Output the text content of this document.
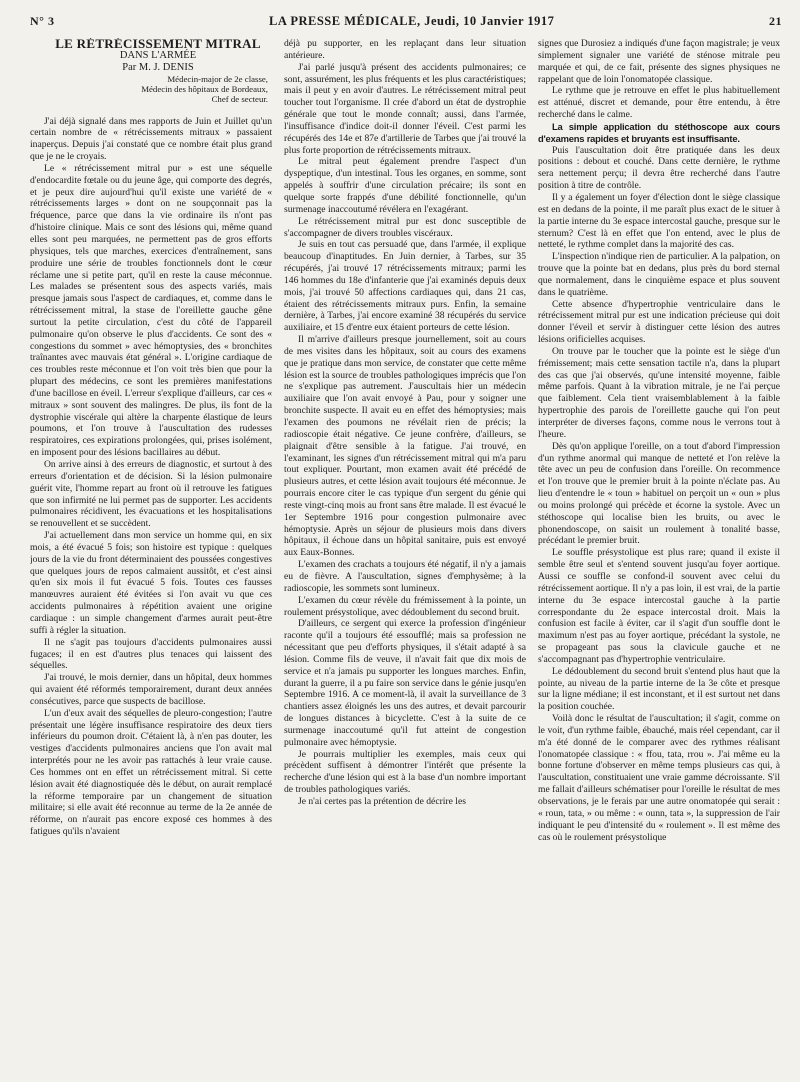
N° 3	LA PRESSE MÉDICALE, Jeudi, 10 Janvier 1917	21

LE RÉTRÉCISSEMENT MITRAL

DANS L'ARMÉE

Par M. J. DENIS

Médecin-major de 2e classe,
Médecin des hôpitaux de Bordeaux,
Chef de secteur.

J'ai déjà signalé dans mes rapports de Juin et Juillet qu'un certain nombre de « rétrécissements mitraux » passaient inaperçus. Depuis j'ai constaté que ce nombre était plus grand que je ne le croyais.

Le « rétrécissement mitral pur » est une séquelle d'endocardite fœtale ou du jeune âge, qui comporte des degrés, et je peux dire aujourd'hui qu'il existe une variété de « rétrécissements larges » dont on ne soupçonnait pas la fréquence, parce que dans la vie ordinaire ils n'ont pas d'histoire clinique. Mais ce sont des lésions qui, même quand elles sont peu marquées, ne permettent pas de gros efforts physiques, tels que marches, exercices d'entraînement, sans produire une série de troubles fonctionnels dont le cœur réclame une si petite part, qu'il en reste la cause méconnue. Les malades se présentent sous des aspects variés, mais presque jamais sous l'aspect de cardiaques, et, comme dans le rétrécissement mitral, la stase de l'oreillette gauche gêne surtout la petite circulation, c'est du côté de l'appareil pulmonaire qu'on observe le plus d'accidents. Ce sont des « congestions du sommet » avec hémoptysies, des « bronchites traînantes avec mauvais état général ». L'origine cardiaque de ces troubles reste méconnue et l'on voit très bien que pour la plupart des médecins, ce sont les premières manifestations d'une bacillose en éveil. L'erreur s'explique d'ailleurs, car ces « mitraux » sont souvent des malingres. De plus, ils font de la dystrophie viscérale qui altère la charpente élastique de leurs poumons, et l'on trouve à l'auscultation des rudesses respiratoires, ces expirations prolongées, qui, prises isolément, en imposent pour des lésions bacillaires au début.

On arrive ainsi à des erreurs de diagnostic, et surtout à des erreurs d'orientation et de décision. Si la lésion pulmonaire guérit vite, l'homme repart au front où il retrouve les fatigues que son infirmité ne lui permet pas de supporter. Les accidents pulmonaires récidivent, les évacuations et les hospitalisations se renouvellent et se succèdent.

J'ai actuellement dans mon service un homme qui, en six mois, a été évacué 5 fois; son histoire est typique : quelques jours de la vie du front déterminaient des poussées congestives que quelques jours de repos calmaient aussitôt, et c'est ainsi qu'en six mois il fut évacué 5 fois. Toutes ces fausses manœuvres auraient été évitées si l'on avait vu que ces accidents pulmonaires à répétition avaient une origine cardiaque : un simple changement d'armes aurait peut-être suffi à régler la situation.

Il ne s'agit pas toujours d'accidents pulmonaires aussi fugaces; il en est d'autres plus tenaces qui laissent des séquelles.

J'ai trouvé, le mois dernier, dans un hôpital, deux hommes qui avaient été réformés temporairement, durant deux années consécutives, parce que suspects de bacillose.

L'un d'eux avait des séquelles de pleuro-congestion; l'autre présentait une légère insuffisance respiratoire des deux tiers inférieurs du poumon droit. C'étaient là, à n'en pas douter, les vestiges d'accidents pulmonaires anciens que l'on avait mal interprétés pour ne les avoir pas rattachés à leur vraie cause. Ces hommes ont en effet un rétrécissement mitral. Si cette lésion avait été diagnostiquée dès le début, on aurait remplacé la réforme temporaire par un changement de situation militaire; si elle avait été reconnue au terme de la 2e année de réforme, on n'aurait pas encore exposé ces hommes à des fatigues qu'ils n'avaient

déjà pu supporter, en les replaçant dans leur situation antérieure.

J'ai parlé jusqu'à présent des accidents pulmonaires; ce sont, assurément, les plus fréquents et les plus caractéristiques; mais il peut y en avoir d'autres. Le rétrécissement mitral peut toucher tout l'organisme. Il crée d'abord un état de dystrophie générale que tout le monde connaît; aussi, dans l'armée, l'insuffisance d'indice doit-il donner l'éveil. C'est parmi les récupérés des 14e et 87e d'artillerie de Tarbes que j'ai trouvé la plus forte proportion de rétrécissements mitraux.

Le mitral peut également prendre l'aspect d'un dyspeptique, d'un intestinal. Tous les organes, en somme, sont appelés à souffrir d'une circulation précaire; ils sont en quelque sorte frappés d'une débilité fonctionnelle, qu'un surmenage inaccoutumé révélera en l'exagérant.

Le rétrécissement mitral pur est donc susceptible de s'accompagner de divers troubles viscéraux.

Je suis en tout cas persuadé que, dans l'armée, il explique beaucoup d'inaptitudes. En Juin dernier, à Tarbes, sur 35 récupérés, j'ai trouvé 17 rétrécissements mitraux; parmi les 146 hommes du 18e d'infanterie que j'ai examinés depuis deux mois, j'ai trouvé 50 affections cardiaques qui, dans 21 cas, étaient des rétrécissements mitraux purs. Enfin, la semaine dernière, à Tarbes, j'ai encore examiné 38 récupérés du service auxiliaire, et 15 d'entre eux étaient porteurs de cette lésion.

Il m'arrive d'ailleurs presque journellement, soit au cours de mes visites dans les hôpitaux, soit au cours des examens que je pratique dans mon service, de constater que cette même lésion est la source de troubles pathologiques imprécis que l'on ne s'explique pas autrement. J'auscultais hier un médecin auxiliaire que l'on avait envoyé à Pau, pour y soigner une bronchite suspecte. Il avait eu en effet des hémoptysies; mais l'examen des poumons ne révélait rien de précis; la radioscopie était négative. Ce jeune confrère, d'ailleurs, se plaignait d'être sensible à la fatigue. J'ai trouvé, en l'examinant, les signes d'un rétrécissement mitral qui m'a paru tout expliquer. Pourtant, mon examen avait été précédé de plusieurs autres, et cette lésion avait toujours été méconnue. Je pourrais encore citer le cas typique d'un sergent du génie qui reste vingt-cinq mois au front sans être malade. Il est évacué le 1er Septembre 1916 pour congestion pulmonaire avec hémoptysie. Après un séjour de plusieurs mois dans divers hôpitaux, il échoue dans un hôpital sanitaire, puis est envoyé aux Eaux-Bonnes.

L'examen des crachats a toujours été négatif, il n'y a jamais eu de fièvre. A l'auscultation, signes d'emphysème; à la radioscopie, les sommets sont lumineux.

L'examen du cœur révèle du frémissement à la pointe, un roulement présystolique, avec dédoublement du second bruit.

D'ailleurs, ce sergent qui exerce la profession d'ingénieur raconte qu'il a toujours été essoufflé; mais sa profession ne nécessitant que peu d'efforts physiques, il s'était adapté à sa lésion. Comme fils de veuve, il n'avait fait que dix mois de service et n'a jamais pu supporter les longues marches. Enfin, durant la guerre, il a pu faire son service dans le génie jusqu'en Septembre 1916. A ce moment-là, il avait la surveillance de 3 chantiers assez éloignés les uns des autres, et devait parcourir de longues distances à bicyclette. C'est à la suite de ce surmenage inaccoutumé qu'il fut atteint de congestion pulmonaire avec hémoptysie.

Je pourrais multiplier les exemples, mais ceux qui précèdent suffisent à démontrer l'intérêt que présente la recherche d'une lésion qui est à la base d'un nombre important de troubles pathologiques variés.

Je n'ai certes pas la prétention de décrire les

signes que Durosiez a indiqués d'une façon magistrale; je veux simplement signaler une variété de sténose mitrale peu marquée et qui, de ce fait, présente des signes physiques ne rappelant que de loin l'onomatopée classique.

Le rythme que je retrouve en effet le plus habituellement est atténué, discret et demande, pour être entendu, à être recherché dans le calme.

La simple application du stéthoscope aux cours d'examens rapides et bruyants est insuffisante.

Puis l'auscultation doit être pratiquée dans les deux positions : debout et couché. Dans cette dernière, le rythme sera nettement perçu; il devra être recherché dans l'autre position à titre de contrôle.

Il y a également un foyer d'élection dont le siège classique est en dedans de la pointe, il me paraît plus exact de le situer à la partie interne du 3e espace intercostal gauche, presque sur le sternum? C'est là en effet que l'on entend, avec le plus de netteté, le rythme complet dans la majorité des cas.

L'inspection n'indique rien de particulier. A la palpation, on trouve que la pointe bat en dedans, plus près du bord sternal que normalement, dans le cinquième espace et plus souvent dans le quatrième.

Cette absence d'hypertrophie ventriculaire dans le rétrécissement mitral pur est une indication précieuse qui doit donner l'éveil et servir à distinguer cette lésion des autres lésions orificielles acquises.

On trouve par le toucher que la pointe est le siège d'un frémissement; mais cette sensation tactile n'a, dans la plupart des cas que j'ai observés, qu'une intensité moyenne, faible même parfois. Quant à la vibration mitrale, je ne l'ai perçue que faiblement. Cela tient vraisemblablement à la faible hypertrophie des parois de l'oreillette gauche qui l'on peut interpréter de diverses façons, comme nous le verrons tout à l'heure.

Dès qu'on applique l'oreille, on a tout d'abord l'impression d'un rythme anormal qui manque de netteté et l'on relève la tête avec un peu de confusion dans l'oreille. On recommence et l'on trouve que le premier bruit à la pointe n'éclate pas. Au lieu d'entendre le « toun » habituel on perçoit un « oun » plus ou moins prolongé qui précède et écorne la systole. Avec un stéthoscope qui localise bien les bruits, ou avec le phonendoscope, on saisit un roulement à tonalité basse, précédant le premier bruit.

Le souffle présystolique est plus rare; quand il existe il semble être seul et s'entend souvent jusqu'au foyer aortique. Aussi ce souffle se confond-il souvent avec celui du rétrécissement aortique. Il n'y a pas loin, il est vrai, de la partie interne du 3e espace intercostal gauche à la partie correspondante du 2e espace intercostal droit. Mais la confusion est facile à éviter, car il s'agit d'un souffle dont le maximum n'est pas au foyer aortique, précédant la systole, ne se propageant pas sous la clavicule gauche et ne s'accompagnant pas d'hypertrophie ventriculaire.

Le dédoublement du second bruit s'entend plus haut que la pointe, au niveau de la partie interne de la 3e côte et presque sur la ligne médiane; il est inconstant, et il est surtout net dans la position couchée.

Voilà donc le résultat de l'auscultation; il s'agit, comme on le voit, d'un rythme faible, ébauché, mais réel cependant, car il m'a été donné de le comparer avec des rythmes réalisant l'onomatopée classique : « ffou, tata, rrou ». J'ai même eu la bonne fortune d'observer en même temps plusieurs cas qui, à l'auscultation, constituaient une vraie gamme décroissante. S'il me fallait d'ailleurs schématiser pour l'oreille le résultat de mes observations, je le ferais par une autre onomatopée qui serait : « roun, tata, » ou même : « ounn, tata », la suppression de l'air indiquant le peu d'intensité du « roulement ». Il est même des cas où le roulement présystolique
